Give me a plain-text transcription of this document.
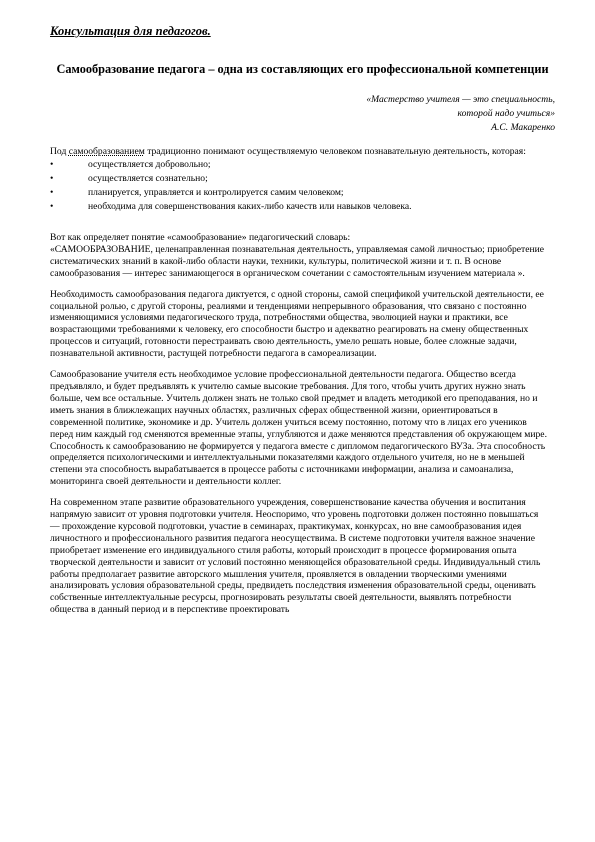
Консультация для педагогов.
Самообразование педагога – одна из составляющих его профессиональной компетенции
«Мастерство учителя — это специальность,
которой надо учиться»
А.С. Макаренко

Под самообразованием традиционно понимают осуществляемую человеком познавательную деятельность, которая:

•	осуществляется добровольно;
•	осуществляется сознательно;
•	планируется, управляется и контролируется самим человеком;
•	необходима для совершенствования каких-либо качеств или навыков человека.

Вот как определяет понятие «самообразование» педагогический словарь:

«САМООБРАЗОВАНИЕ, целенаправленная познавательная деятельность, управляемая самой личностью; приобретение систематических знаний в какой-либо области науки, техники, культуры, политической жизни и т. п. В основе самообразования — интерес занимающегося в органическом сочетании с самостоятельным изучением материала ».

Необходимость самообразования педагога диктуется, с одной стороны, самой спецификой учительской деятельности, ее социальной ролью, с другой стороны, реалиями и тенденциями непрерывного образования, что связано с постоянно изменяющимися условиями педагогического труда, потребностями общества, эволюцией науки и практики, все возрастающими требованиями к человеку, его способности быстро и адекватно реагировать на смену общественных процессов и ситуаций, готовности перестраивать свою деятельность, умело решать новые, более сложные задачи, познавательной активности, растущей потребности педагога в самореализации.

Самообразование учителя есть необходимое условие профессиональной деятельности педагога. Общество всегда предъявляло, и будет предъявлять к учителю самые высокие требования. Для того, чтобы учить других нужно знать больше, чем все остальные. Учитель должен знать не только свой предмет и владеть методикой его преподавания, но и иметь знания в ближлежащих научных областях, различных сферах общественной жизни, ориентироваться в современной политике, экономике и др. Учитель должен учиться всему постоянно, потому что в лицах его учеников перед ним каждый год сменяются временные этапы, углубляются и даже меняются представления об окружающем мире. Способность к самообразованию не формируется у педагога вместе с дипломом педагогического ВУЗа. Эта способность определяется психологическими и интеллектуальными показателями каждого отдельного учителя, но не в меньшей степени эта способность вырабатывается в процессе работы с источниками информации, анализа и самоанализа, мониторинга своей деятельности и деятельности коллег.

На современном этапе развитие образовательного учреждения, совершенствование качества обучения и воспитания напрямую зависит от уровня подготовки учителя. Неоспоримо, что уровень подготовки должен постоянно повышаться — прохождение курсовой подготовки, участие в семинарах, практикумах, конкурсах, но вне самообразования идея личностного и профессионального развития педагога неосуществима. В системе подготовки учителя важное значение приобретает изменение его индивидуального стиля работы, который происходит в процессе формирования опыта творческой деятельности и зависит от условий постоянно меняющейся образовательной среды. Индивидуальный стиль работы предполагает развитие авторского мышления учителя, проявляется в овладении творческими умениями анализировать условия образовательной среды, предвидеть последствия изменения образовательной среды, оценивать собственные интеллектуальные ресурсы, прогнозировать результаты своей деятельности, выявлять потребности общества в данный период и в перспективе проектировать
